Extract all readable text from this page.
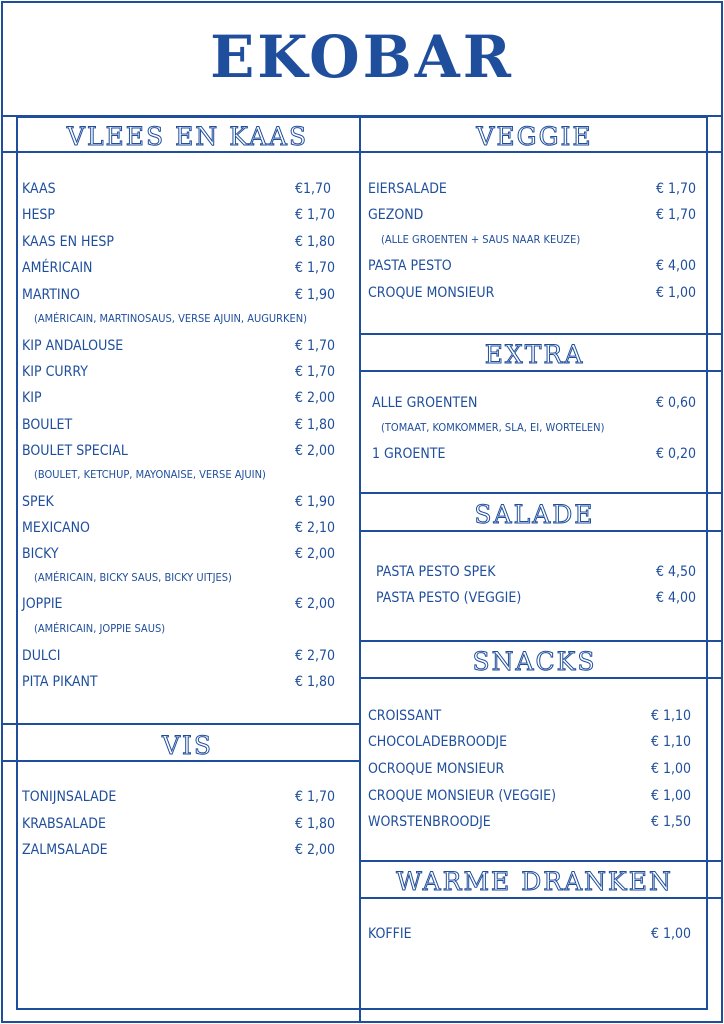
EKOBAR
VLEES EN KAAS
KAAS	€1,70
HESP	€ 1,70
KAAS EN HESP	€ 1,80
AMÉRICAIN	€ 1,70
MARTINO	€ 1,90
(AMÉRICAIN, MARTINOSAUS, VERSE AJUIN, AUGURKEN)
KIP ANDALOUSE	€ 1,70
KIP CURRY	€ 1,70
KIP	€ 2,00
BOULET	€ 1,80
BOULET SPECIAL	€ 2,00
(BOULET, KETCHUP, MAYONAISE, VERSE AJUIN)
SPEK	€ 1,90
MEXICANO	€ 2,10
BICKY	€ 2,00
(AMÉRICAIN, BICKY SAUS, BICKY UITJES)
JOPPIE	€ 2,00
(AMÉRICAIN, JOPPIE SAUS)
DULCI	€ 2,70
PITA PIKANT	€ 1,80
VIS
TONIJNSALADE	€ 1,70
KRABSALADE	€ 1,80
ZALMSALADE	€ 2,00
VEGGIE
EIERSALADE	€ 1,70
GEZOND	€ 1,70
(ALLE GROENTEN + SAUS NAAR KEUZE)
PASTA PESTO	€ 4,00
CROQUE MONSIEUR	€ 1,00
EXTRA
ALLE GROENTEN	€ 0,60
(TOMAAT, KOMKOMMER, SLA, EI, WORTELEN)
1 GROENTE	€ 0,20
SALADE
PASTA PESTO SPEK	€ 4,50
PASTA PESTO (VEGGIE)	€ 4,00
SNACKS
CROISSANT	€ 1,10
CHOCOLADEBROODJE	€ 1,10
OCROQUE MONSIEUR	€ 1,00
CROQUE MONSIEUR (VEGGIE)	€ 1,00
WORSTENBROODJE	€ 1,50
WARME DRANKEN
KOFFIE	€ 1,00
